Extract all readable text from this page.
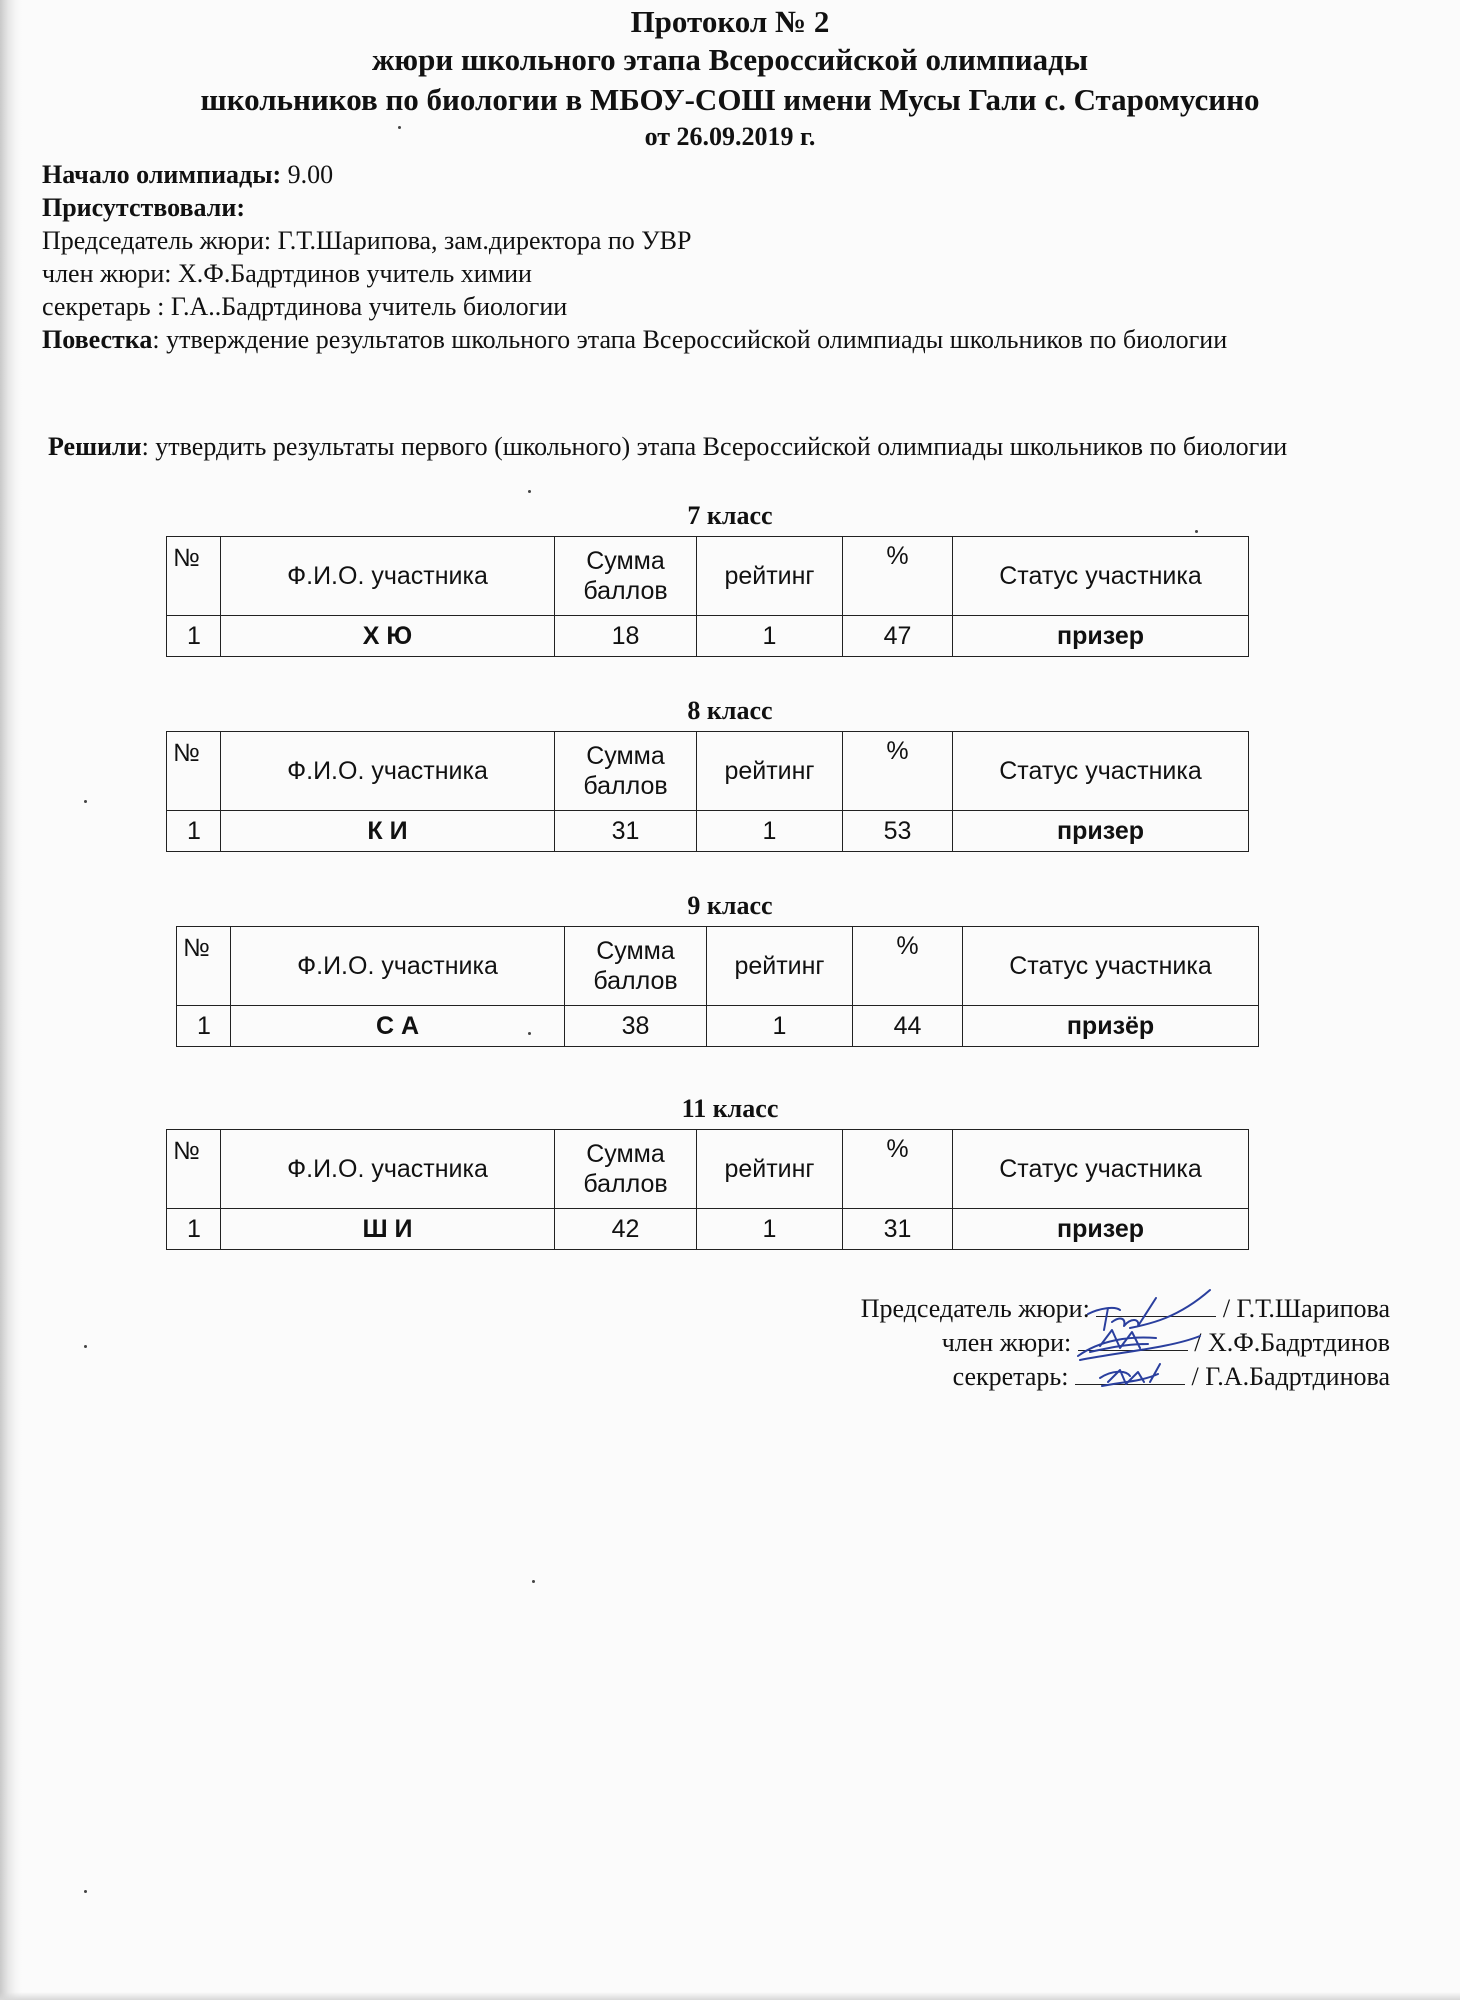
Протокол № 2
жюри школьного этапа Всероссийской олимпиады
школьников по биологии в МБОУ-СОШ имени Мусы Гали с. Старомусино
от 26.09.2019 г.

Начало олимпиады: 9.00

Присутствовали:

Председатель жюри: Г.Т.Шарипова, зам.директора по УВР

член жюри: Х.Ф.Бадртдинов учитель химии

секретарь : Г.А..Бадртдинова учитель биологии

Повестка: утверждение результатов школьного этапа Всероссийской олимпиады школьников по биологии

Решили: утвердить результаты первого (школьного) этапа Всероссийской олимпиады школьников по биологии

7 класс

№	Ф.И.О. участника	Сумма баллов	рейтинг	%	Статус участника
1	Х Ю	18	1	47	призер

8 класс

№	Ф.И.О. участника	Сумма баллов	рейтинг	%	Статус участника
1	К И	31	1	53	призер

9 класс

№	Ф.И.О. участника	Сумма баллов	рейтинг	%	Статус участника
1	С А	38	1	44	призёр

11 класс

№	Ф.И.О. участника	Сумма баллов	рейтинг	%	Статус участника
1	Ш И	42	1	31	призер
Председатель жюри:	/ Г.Т.Шарипова
член жюри:	/ Х.Ф.Бадртдинов
секретарь:	/ Г.А.Бадртдинова
